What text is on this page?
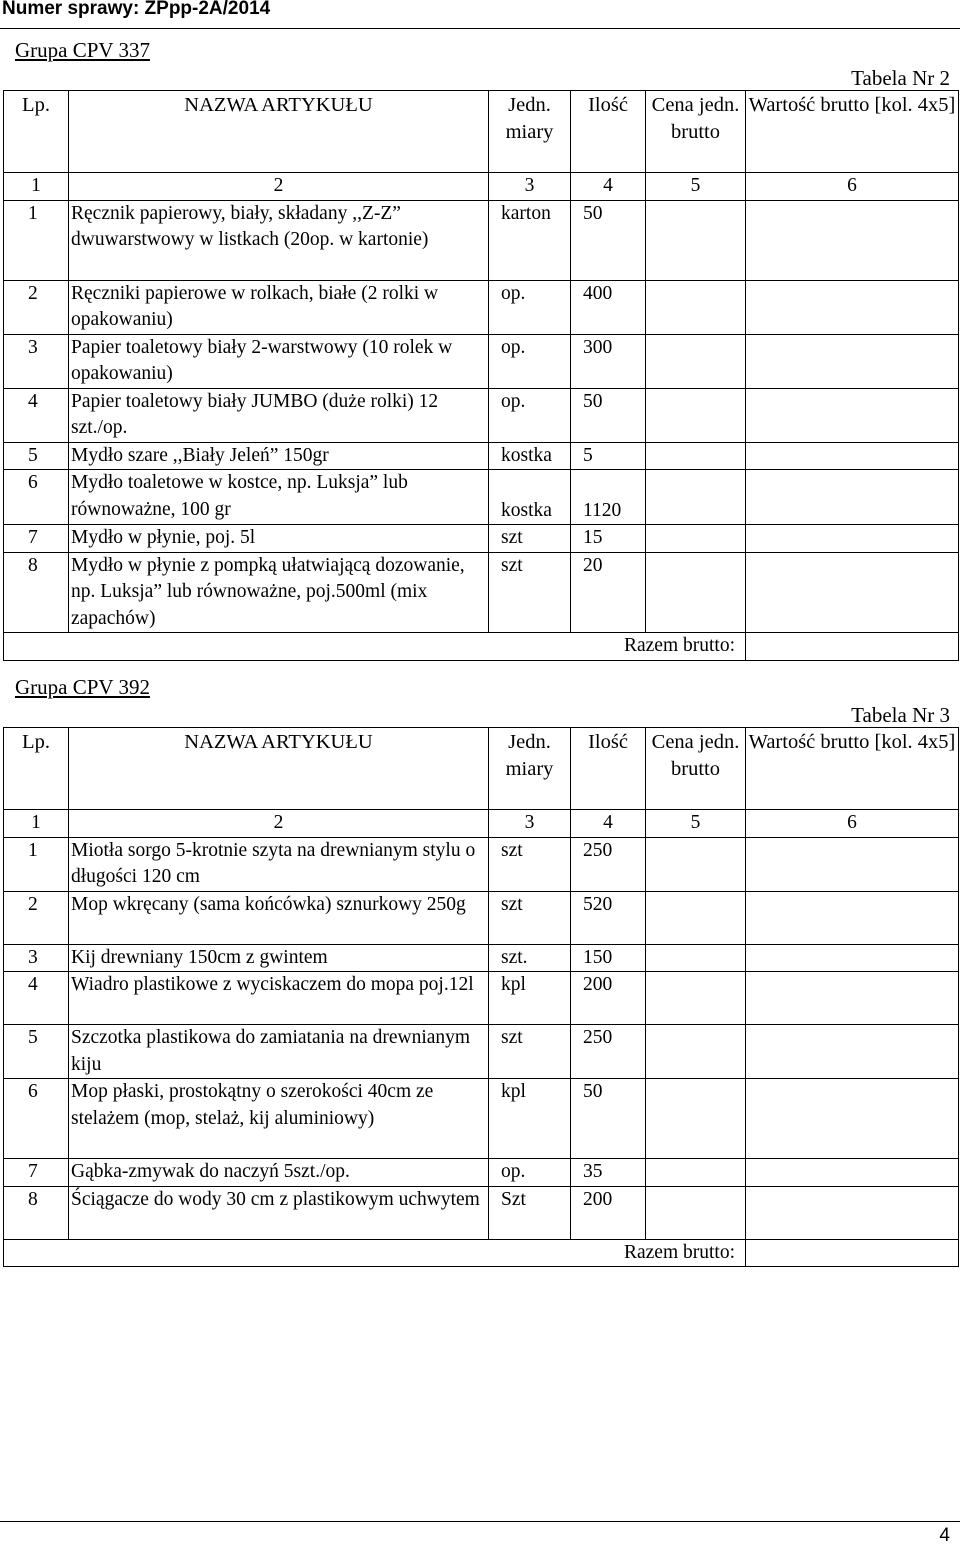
Numer sprawy: ZPpp-2A/2014
Grupa CPV 337
Tabela Nr 2
Lp.	NAZWA ARTYKUŁU	Jedn. miary	Ilość	Cena jedn. brutto	Wartość brutto [kol. 4x5]
1	2	3	4	5	6
1	Ręcznik papierowy, biały, składany ,,Z-Z” dwuwarstwowy w listkach (20op. w kartonie)	karton	50		
2	Ręczniki papierowe w rolkach, białe (2 rolki w opakowaniu)	op.	400		
3	Papier toaletowy biały 2-warstwowy (10 rolek w opakowaniu)	op.	300		
4	Papier toaletowy biały JUMBO (duże rolki) 12 szt./op.	op.	50		
5	Mydło szare ,,Biały Jeleń” 150gr	kostka	5		
6	Mydło toaletowe w kostce, np. Luksja” lub równoważne, 100 gr	kostka	1120		
7	Mydło w płynie, poj. 5l	szt	15		
8	Mydło w płynie z pompką ułatwiającą dozowanie, np. Luksja” lub równoważne, poj.500ml (mix zapachów)	szt	20		
Razem brutto:					
Grupa CPV 392
Tabela Nr 3
Lp.	NAZWA ARTYKUŁU	Jedn. miary	Ilość	Cena jedn. brutto	Wartość brutto [kol. 4x5]
1	2	3	4	5	6
1	Miotła sorgo 5-krotnie szyta na drewnianym stylu o długości 120 cm	szt	250		
2	Mop wkręcany (sama końcówka) sznurkowy 250g	szt	520		
3	Kij drewniany 150cm z gwintem	szt.	150		
4	Wiadro plastikowe z wyciskaczem do mopa poj.12l	kpl	200		
5	Szczotka plastikowa do zamiatania na drewnianym kiju	szt	250		
6	Mop płaski, prostokątny o szerokości 40cm ze stelażem (mop, stelaż, kij aluminiowy)	kpl	50		
7	Gąbka-zmywak do naczyń 5szt./op.	op.	35		
8	Ściągacze do wody 30 cm z plastikowym uchwytem	Szt	200		
Razem brutto:					
4
